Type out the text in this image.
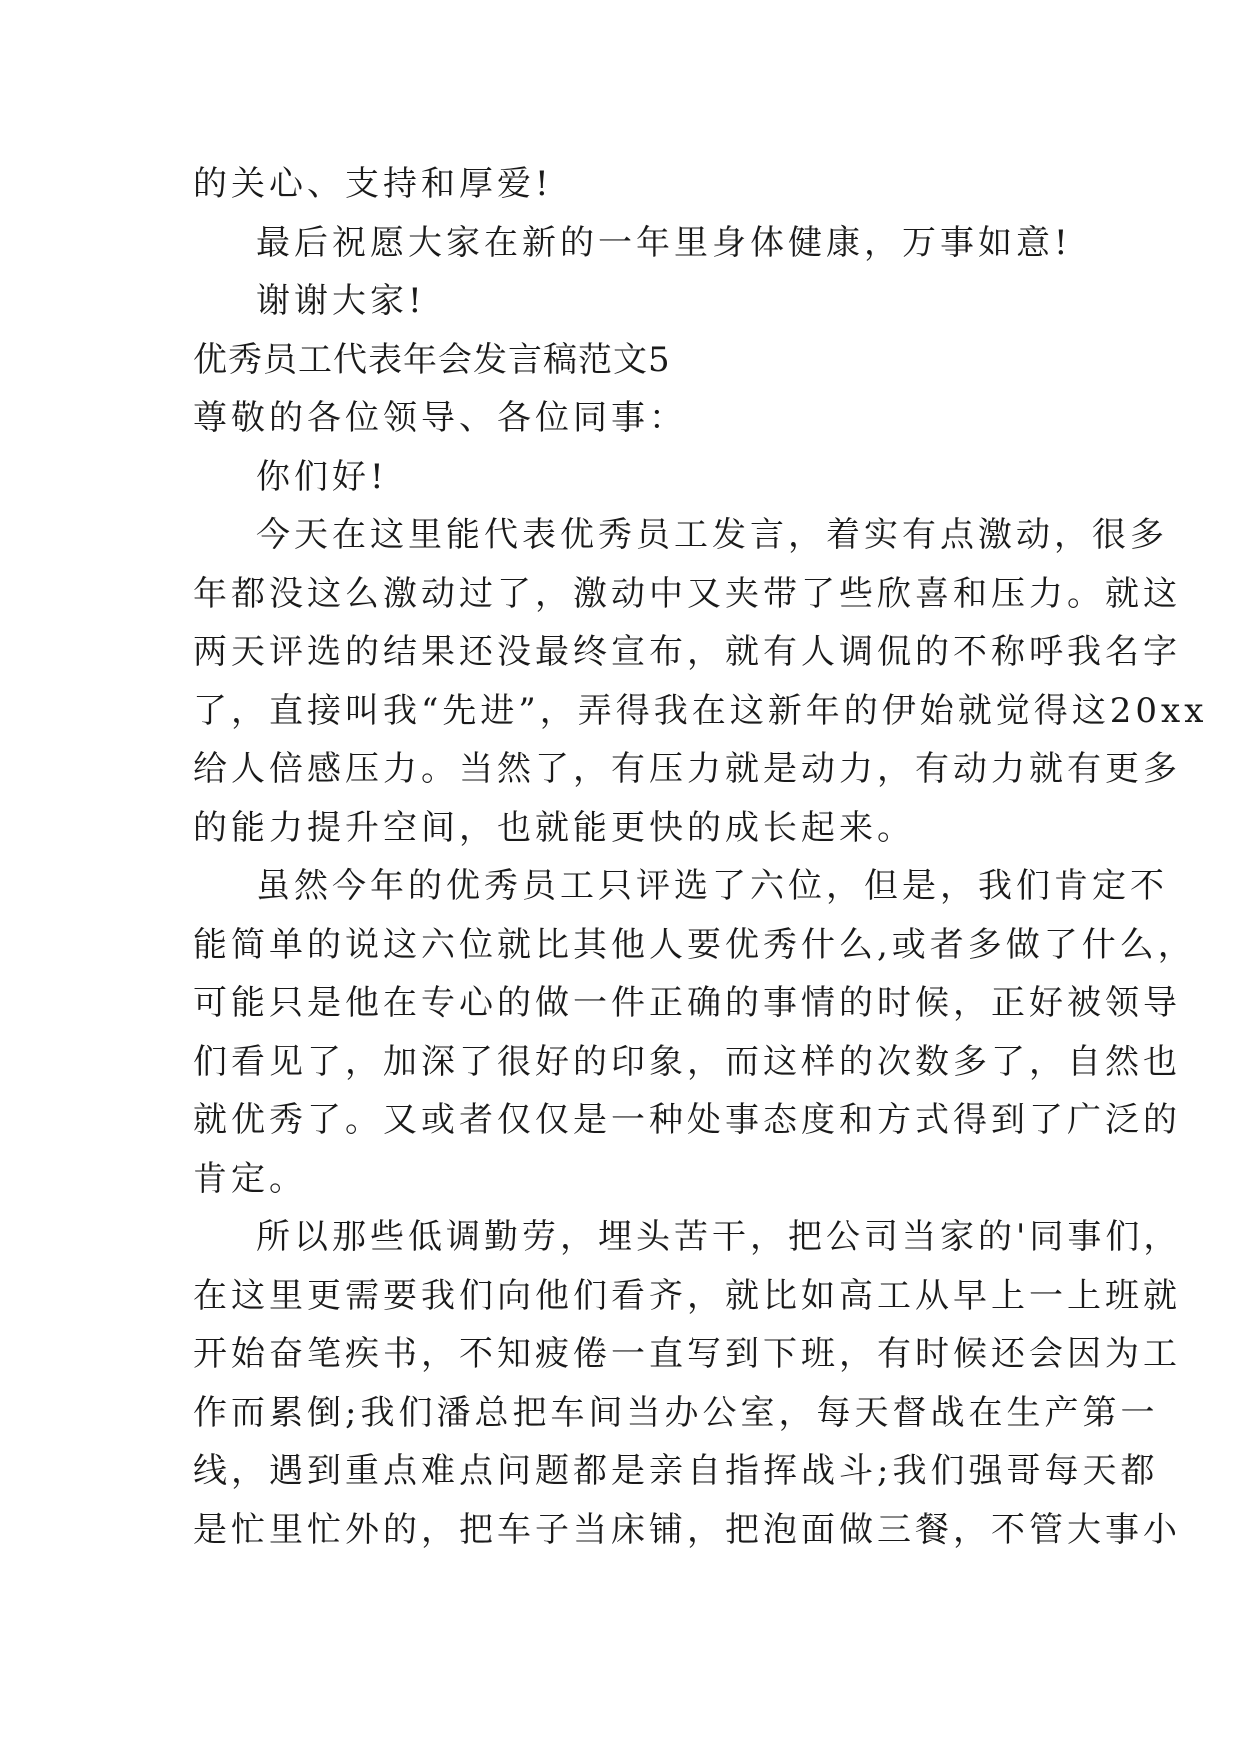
的关心、支持和厚爱!
最后祝愿大家在新的一年里身体健康，万事如意!
谢谢大家!
优秀员工代表年会发言稿范文5
尊敬的各位领导、各位同事：
你们好!
今天在这里能代表优秀员工发言，着实有点激动，很多
年都没这么激动过了，激动中又夹带了些欣喜和压力。就这
两天评选的结果还没最终宣布，就有人调侃的不称呼我名字
了，直接叫我“先进”，弄得我在这新年的伊始就觉得这20xx
给人倍感压力。当然了，有压力就是动力，有动力就有更多
的能力提升空间，也就能更快的成长起来。
虽然今年的优秀员工只评选了六位，但是，我们肯定不
能简单的说这六位就比其他人要优秀什么,或者多做了什么，
可能只是他在专心的做一件正确的事情的时候，正好被领导
们看见了，加深了很好的印象，而这样的次数多了，自然也
就优秀了。又或者仅仅是一种处事态度和方式得到了广泛的
肯定。
所以那些低调勤劳，埋头苦干，把公司当家的'同事们，
在这里更需要我们向他们看齐，就比如高工从早上一上班就
开始奋笔疾书，不知疲倦一直写到下班，有时候还会因为工
作而累倒;我们潘总把车间当办公室，每天督战在生产第一
线，遇到重点难点问题都是亲自指挥战斗;我们强哥每天都
是忙里忙外的，把车子当床铺，把泡面做三餐，不管大事小
